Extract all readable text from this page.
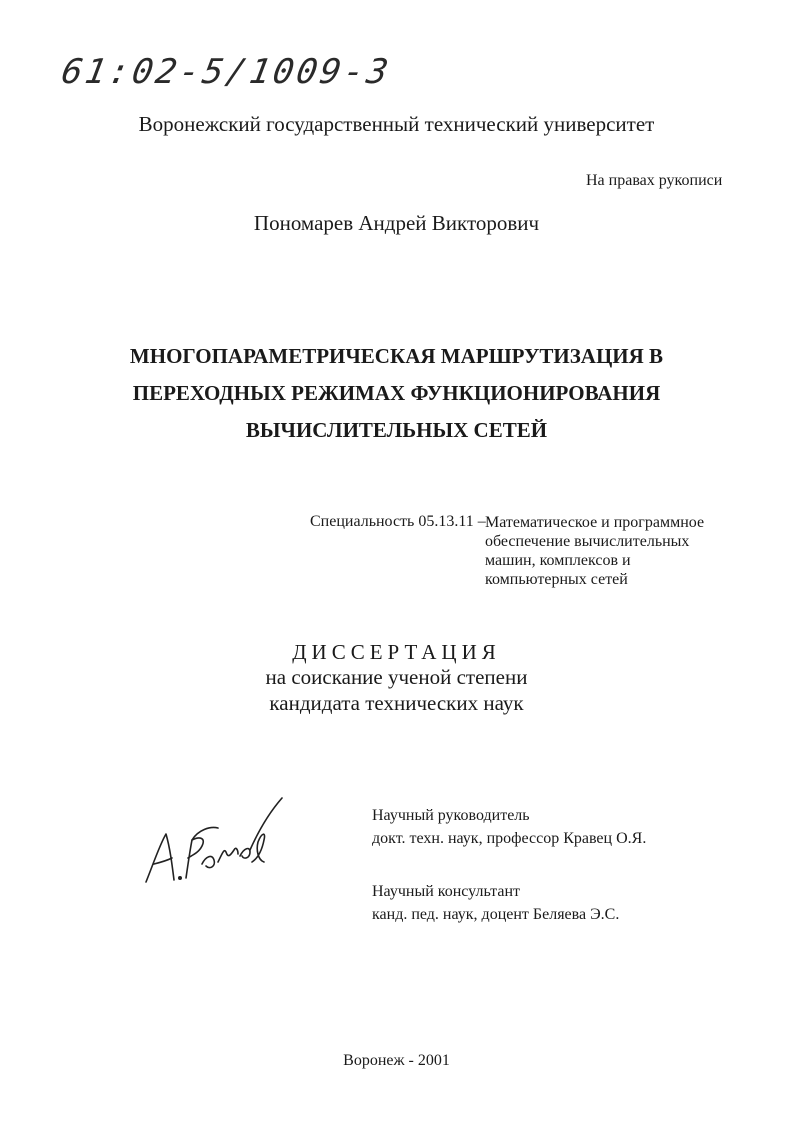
61:02-5/1009-3
Воронежский государственный технический университет
На правах рукописи
Пономарев Андрей Викторович
МНОГОПАРАМЕТРИЧЕСКАЯ МАРШРУТИЗАЦИЯ В
ПЕРЕХОДНЫХ РЕЖИМАХ ФУНКЦИОНИРОВАНИЯ
ВЫЧИСЛИТЕЛЬНЫХ СЕТЕЙ
Специальность 05.13.11 – Математическое и программное
обеспечение вычислительных
машин, комплексов и
компьютерных сетей
ДИССЕРТАЦИЯ
на соискание ученой степени
кандидата технических наук
Научный руководитель
докт. техн. наук, профессор Кравец О.Я.
Научный консультант
канд. пед. наук, доцент Беляева Э.С.
Воронеж - 2001
